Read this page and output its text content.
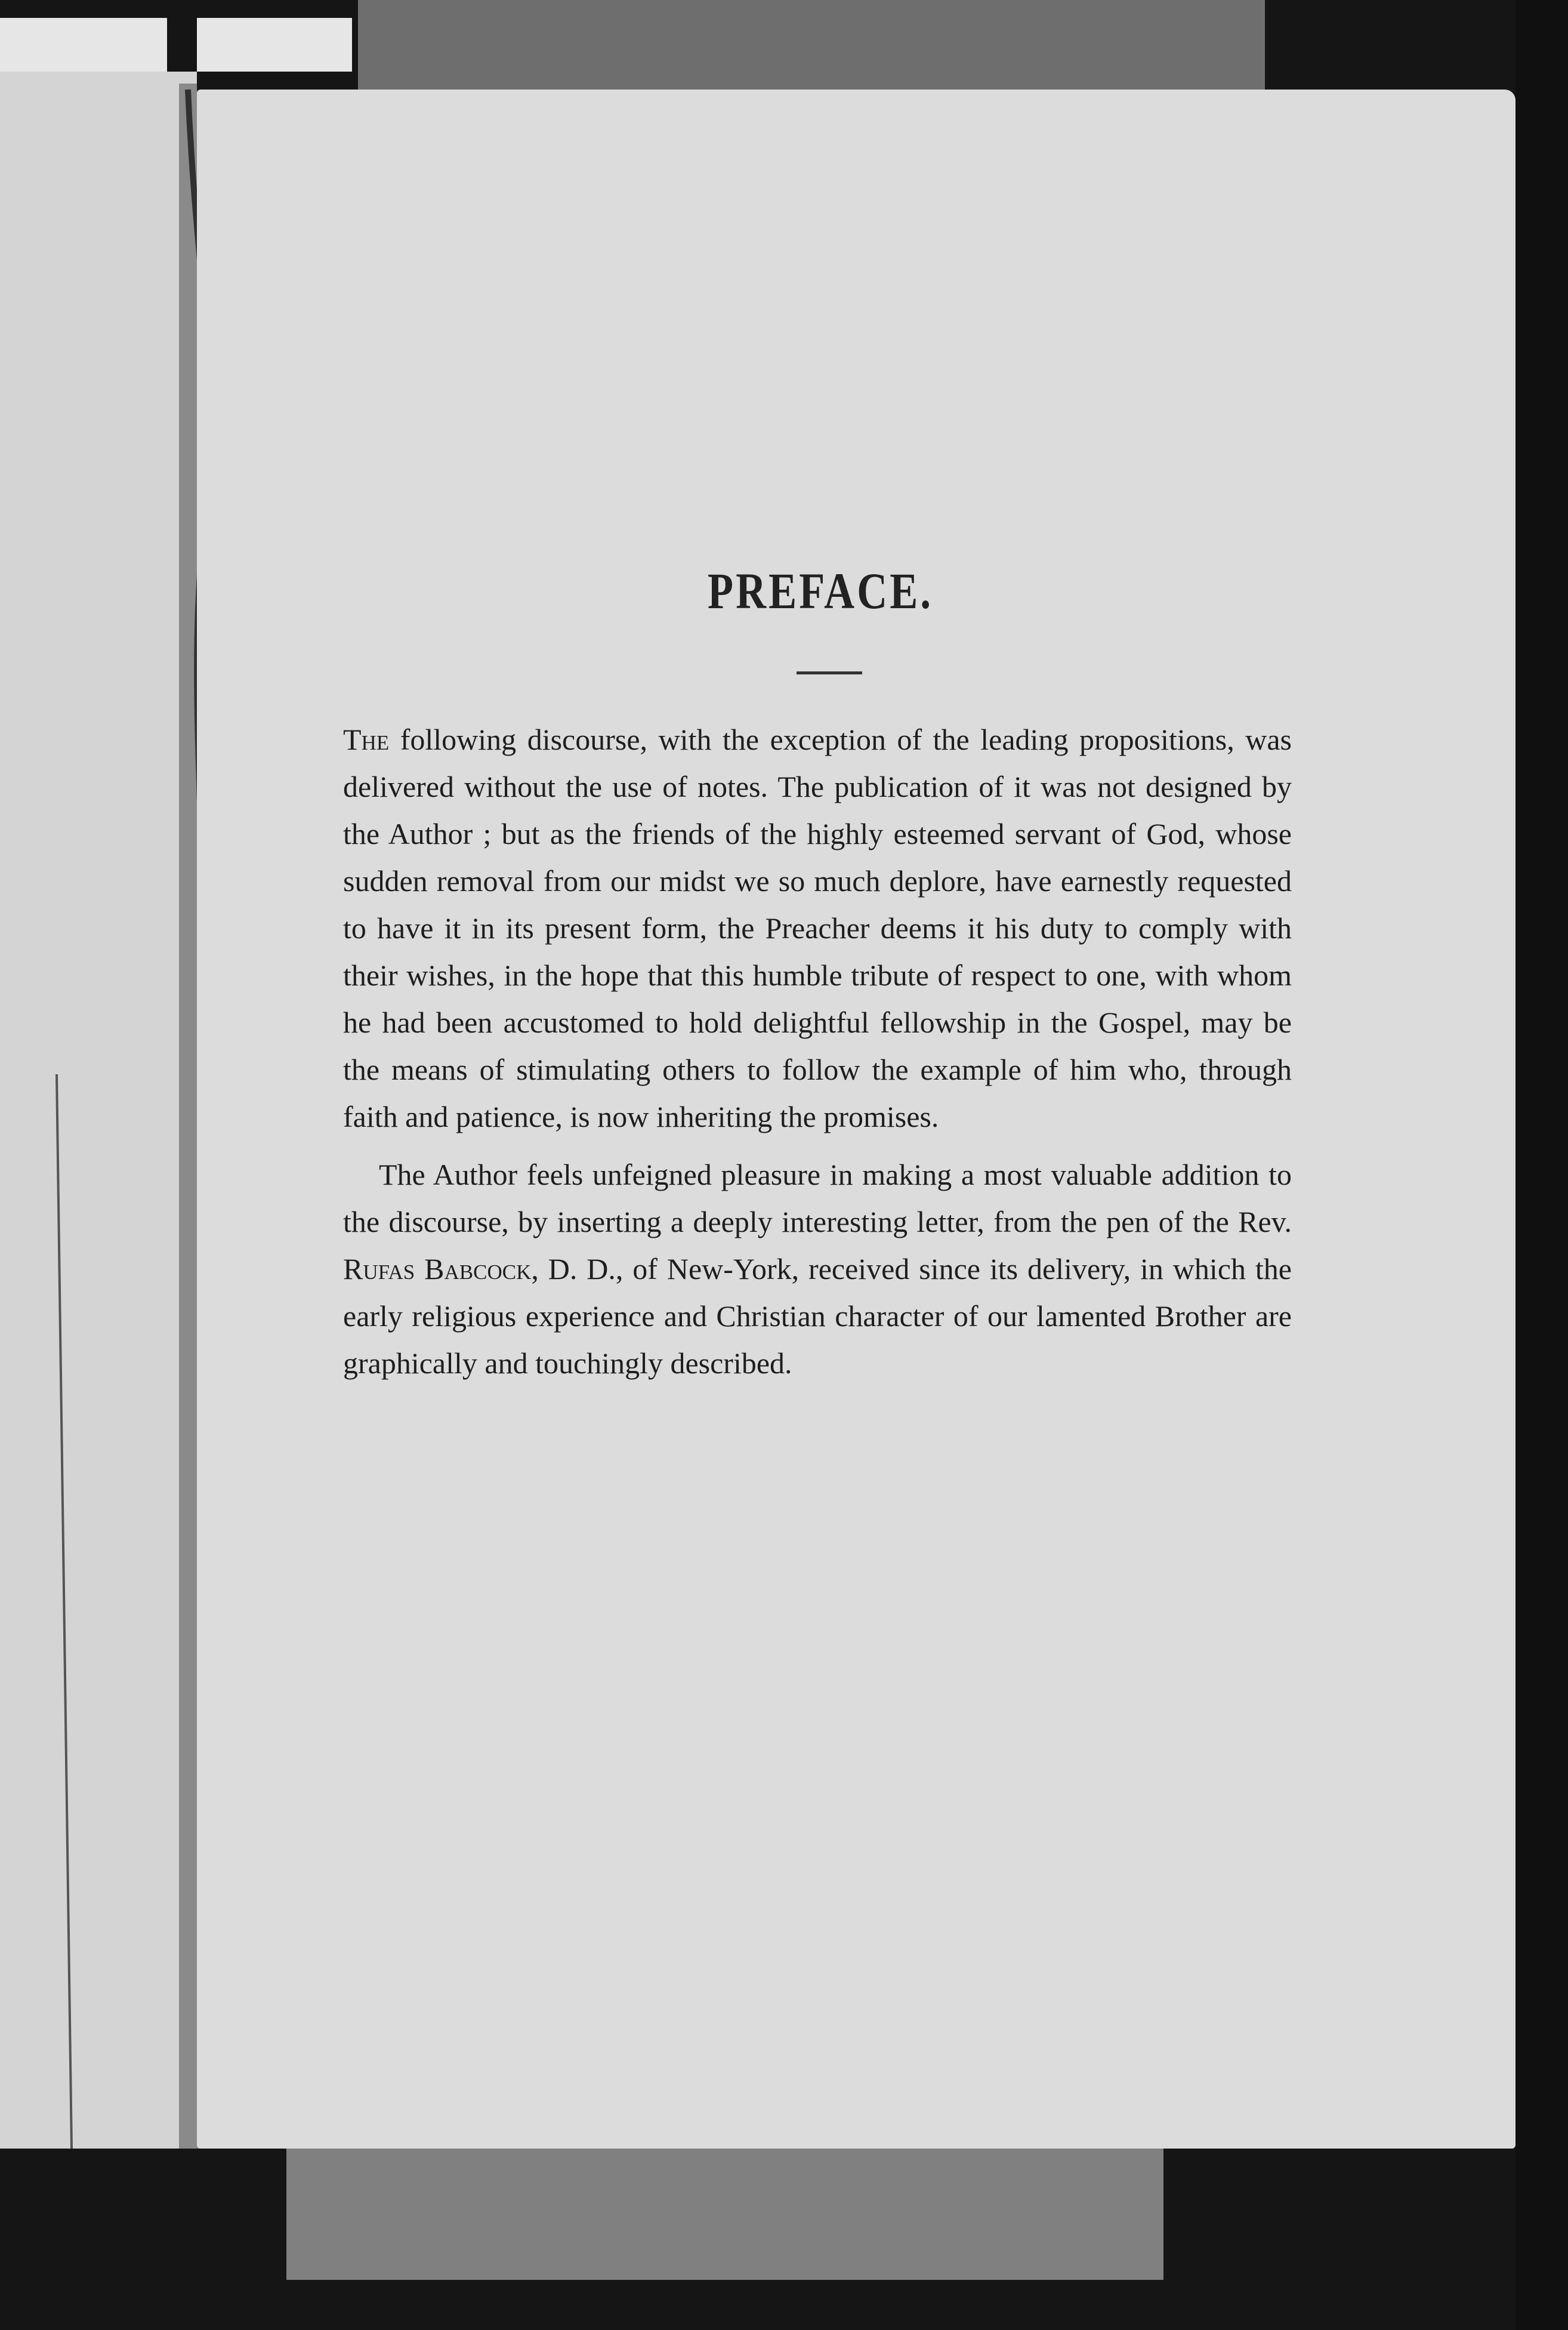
PREFACE.

The following discourse, with the exception of the leading propositions, was delivered without the use of notes. The publication of it was not designed by the Author ; but as the friends of the highly esteemed servant of God, whose sudden removal from our midst we so much deplore, have earnestly requested to have it in its present form, the Preacher deems it his duty to comply with their wishes, in the hope that this humble tribute of respect to one, with whom he had been accustomed to hold delightful fellowship in the Gospel, may be the means of stimulating others to follow the example of him who, through faith and patience, is now inheriting the promises.

The Author feels unfeigned pleasure in making a most valuable addition to the discourse, by inserting a deeply interesting letter, from the pen of the Rev. Rufas Babcock, D. D., of New-York, received since its delivery, in which the early religious experience and Christian character of our lamented Brother are graphically and touchingly described.
